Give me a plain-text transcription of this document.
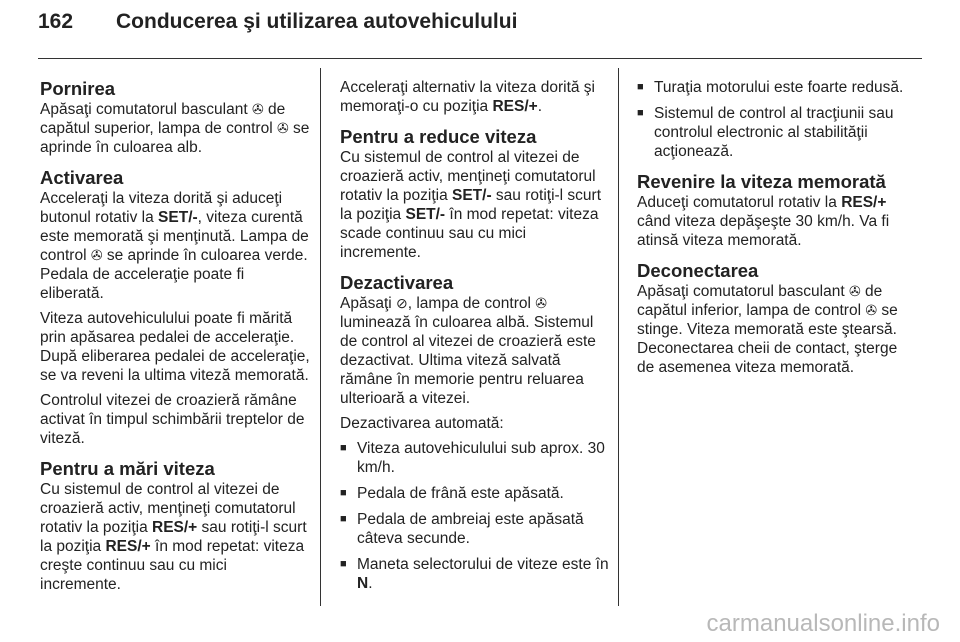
162	Conducerea şi utilizarea autovehiculului
Pornirea

Apăsaţi comutatorul basculant ✇ de capătul superior, lampa de control ✇ se aprinde în culoarea alb.

Activarea

Acceleraţi la viteza dorită şi aduceţi butonul rotativ la SET/-, viteza curentă este memorată şi menţinută. Lampa de control ✇ se aprinde în culoarea verde. Pedala de acceleraţie poate fi eliberată.

Viteza autovehiculului poate fi mărită prin apăsarea pedalei de acceleraţie. După eliberarea pedalei de acceleraţie, se va reveni la ultima viteză memorată.

Controlul vitezei de croazieră rămâne activat în timpul schimbării treptelor de viteză.

Pentru a mări viteza

Cu sistemul de control al vitezei de croazieră activ, menţineţi comutatorul rotativ la poziţia RES/+ sau rotiţi-l scurt la poziţia RES/+ în mod repetat: viteza creşte continuu sau cu mici incremente.

Acceleraţi alternativ la viteza dorită şi memoraţi-o cu poziţia RES/+.

Pentru a reduce viteza

Cu sistemul de control al vitezei de croazieră activ, menţineţi comutatorul rotativ la poziţia SET/- sau rotiţi-l scurt la poziţia SET/- în mod repetat: viteza scade continuu sau cu mici incremente.

Dezactivarea

Apăsaţi ⊘, lampa de control ✇ luminează în culoarea albă. Sistemul de control al vitezei de croazieră este dezactivat. Ultima viteză salvată rămâne în memorie pentru reluarea ulterioară a vitezei.

Dezactivarea automată:

■ Viteza autovehiculului sub aprox. 30 km/h.
■ Pedala de frână este apăsată.
■ Pedala de ambreiaj este apăsată câteva secunde.
■ Maneta selectorului de viteze este în N.
■ Turaţia motorului este foarte redusă.
■ Sistemul de control al tracţiunii sau controlul electronic al stabilităţii acţionează.
Revenire la viteza memorată

Aduceţi comutatorul rotativ la RES/+ când viteza depăşeşte 30 km/h. Va fi atinsă viteza memorată.

Deconectarea

Apăsaţi comutatorul basculant ✇ de capătul inferior, lampa de control ✇ se stinge. Viteza memorată este ştearsă. Deconectarea cheii de contact, şterge de asemenea viteza memorată.

carmanualsonline.info
